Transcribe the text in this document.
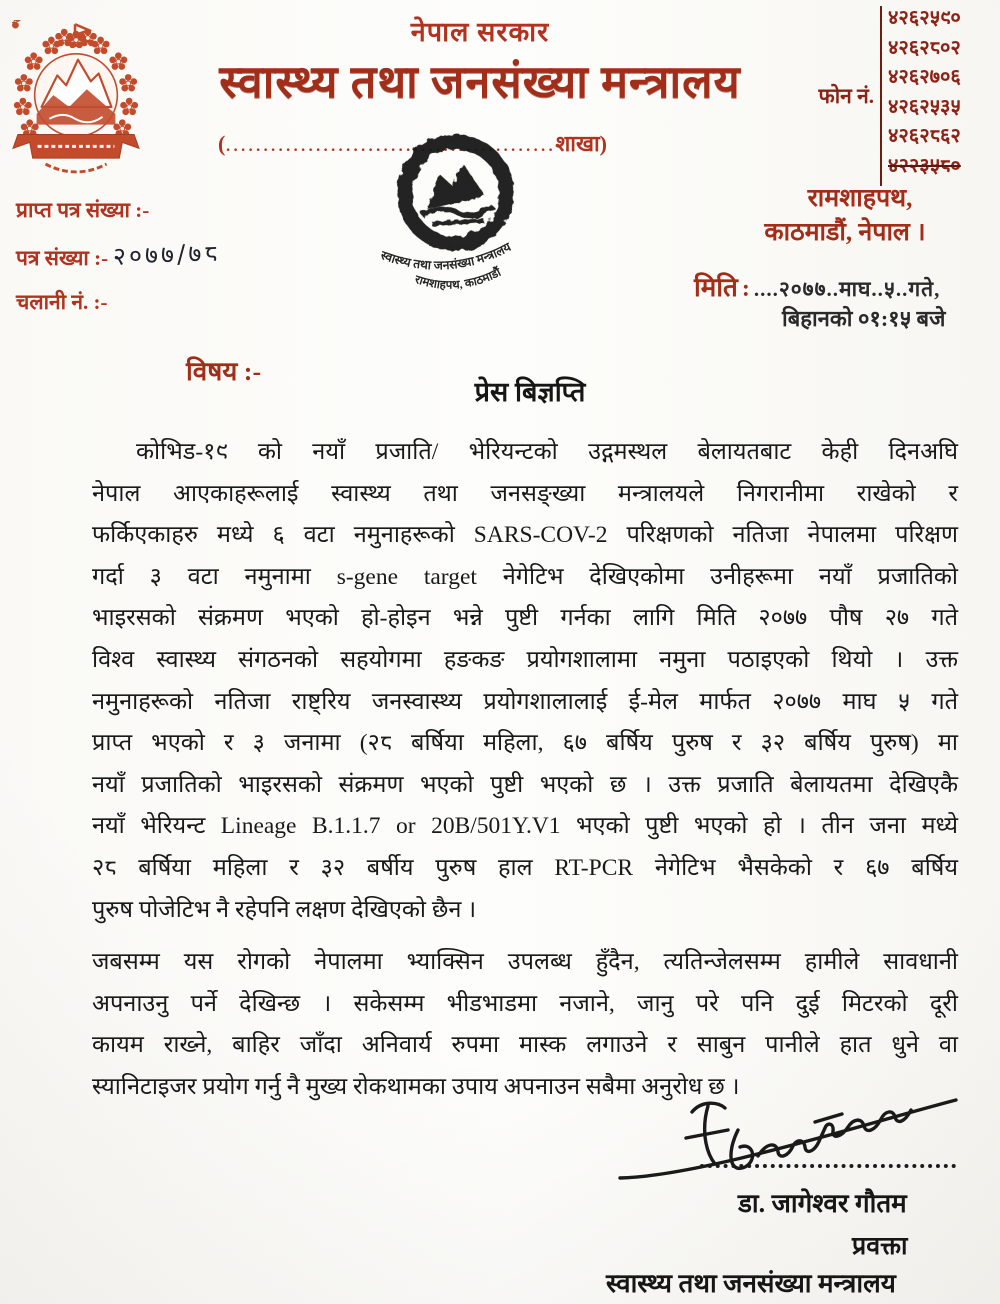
नेपाल सरकार
स्वास्थ्य तथा जनसंख्या मन्त्रालय
(............................................शाखा)
नेपाल सरकार
स्वास्थ्य तथा जनसंख्या मन्त्रालय
रामशाहपथ, काठमाडौं
प्राप्त पत्र संख्या :-
पत्र संख्या :- २०७७/७८
चलानी नं. :-
फोन नं.
४२६२५९०
४२६२८०२
४२६२७०६
४२६२५३५
४२६२८६२
४२२३५८०
रामशाहपथ,
काठमाडौं, नेपाल ।
मिति : ....२०७७..माघ..५..गते,
बिहानको ०१:१५ बजे
विषय :-
प्रेस बिज्ञप्ति
कोभिड-१९ को नयाँ प्रजाति/ भेरियन्टको उद्गमस्थल बेलायतबाट केही दिनअघि
नेपाल आएकाहरूलाई स्वास्थ्य तथा जनसङ्ख्या मन्त्रालयले निगरानीमा राखेको र
फर्किएकाहरु मध्ये ६ वटा नमुनाहरूको SARS-COV-2 परिक्षणको नतिजा नेपालमा परिक्षण
गर्दा ३ वटा नमुनामा s-gene target नेगेटिभ देखिएकोमा उनीहरूमा नयाँ प्रजातिको
भाइरसको संक्रमण भएको हो-होइन भन्ने पुष्टी गर्नका लागि मिति २०७७ पौष २७ गते
विश्व स्वास्थ्य संगठनको सहयोगमा हङकङ प्रयोगशालामा नमुना पठाइएको थियो । उक्त
नमुनाहरूको नतिजा राष्ट्रिय जनस्वास्थ्य प्रयोगशालालाई ई-मेल मार्फत २०७७ माघ ५ गते
प्राप्त भएको र ३ जनामा (२८ बर्षिया महिला, ६७ बर्षिय पुरुष र ३२ बर्षिय पुरुष) मा
नयाँ प्रजातिको भाइरसको संक्रमण भएको पुष्टी भएको छ । उक्त प्रजाति बेलायतमा देखिएकै
नयाँ भेरियन्ट Lineage B.1.1.7 or 20B/501Y.V1 भएको पुष्टी भएको हो । तीन जना मध्ये
२८ बर्षिया महिला र ३२ बर्षीय पुरुष हाल RT-PCR नेगेटिभ भैसकेको र ६७ बर्षिय
पुरुष पोजेटिभ नै रहेपनि लक्षण देखिएको छैन ।
जबसम्म यस रोगको नेपालमा भ्याक्सिन उपलब्ध हुँदैन, त्यतिन्जेलसम्म हामीले सावधानी
अपनाउनु पर्ने देखिन्छ । सकेसम्म भीडभाडमा नजाने, जानु परे पनि दुई मिटरको दूरी
कायम राख्ने, बाहिर जाँदा अनिवार्य रुपमा मास्क लगाउने र साबुन पानीले हात धुने वा
स्यानिटाइजर प्रयोग गर्नु नै मुख्य रोकथामका उपाय अपनाउन सबैमा अनुरोध छ ।
डा. जागेश्वर गौतम
प्रवक्ता
स्वास्थ्य तथा जनसंख्या मन्त्रालय
